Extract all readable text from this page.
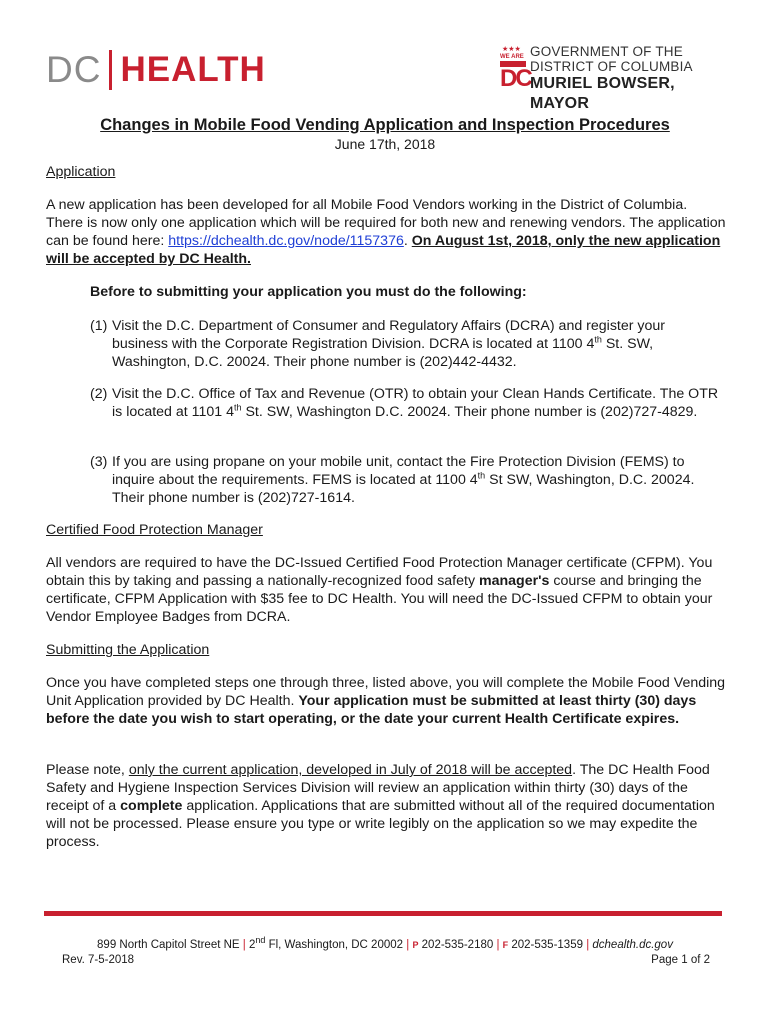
DC HEALTH
★ ★ ★
WE ARE
DC
GOVERNMENT OF THE
DISTRICT OF COLUMBIA
MURIEL BOWSER, MAYOR
Changes in Mobile Food Vending Application and Inspection Procedures
June 17th, 2018
Application
A new application has been developed for all Mobile Food Vendors working in the District of Columbia. There is now only one application which will be required for both new and renewing vendors. The application can be found here: https://dchealth.dc.gov/node/1157376. On August 1st, 2018, only the new application will be accepted by DC Health.
Before to submitting your application you must do the following:
(1) Visit the D.C. Department of Consumer and Regulatory Affairs (DCRA) and register your business with the Corporate Registration Division. DCRA is located at 1100 4th St. SW, Washington, D.C. 20024. Their phone number is (202)442-4432.
(2) Visit the D.C. Office of Tax and Revenue (OTR) to obtain your Clean Hands Certificate. The OTR is located at 1101 4th St. SW, Washington D.C. 20024. Their phone number is (202)727-4829.
(3) If you are using propane on your mobile unit, contact the Fire Protection Division (FEMS) to inquire about the requirements. FEMS is located at 1100 4th St SW, Washington, D.C. 20024. Their phone number is (202)727-1614.
Certified Food Protection Manager
All vendors are required to have the DC-Issued Certified Food Protection Manager certificate (CFPM). You obtain this by taking and passing a nationally-recognized food safety manager's course and bringing the certificate, CFPM Application with $35 fee to DC Health. You will need the DC-Issued CFPM to obtain your Vendor Employee Badges from DCRA.
Submitting the Application
Once you have completed steps one through three, listed above, you will complete the Mobile Food Vending Unit Application provided by DC Health. Your application must be submitted at least thirty (30) days before the date you wish to start operating, or the date your current Health Certificate expires.
Please note, only the current application, developed in July of 2018 will be accepted. The DC Health Food Safety and Hygiene Inspection Services Division will review an application within thirty (30) days of the receipt of a complete application. Applications that are submitted without all of the required documentation will not be processed. Please ensure you type or write legibly on the application so we may expedite the process.
899 North Capitol Street NE | 2nd Fl, Washington, DC 20002 | P 202-535-2180 | F 202-535-1359 | dchealth.dc.gov
Rev. 7-5-2018	Page 1 of 2
